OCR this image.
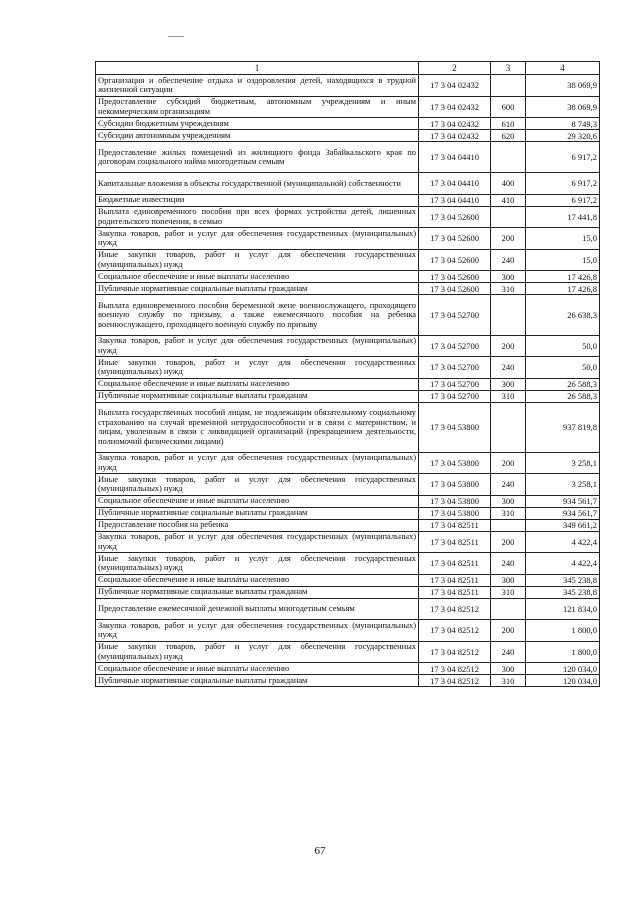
1	2	3	4
Организация и обеспечение отдыха и оздоровления детей, находящихся в трудной жизненной ситуации	17 3 04 02432		38 069,9
Предоставление субсидий бюджетным, автономным учреждениям и иным некоммерческим организациям	17 3 04 02432	600	38 069,9
Субсидии бюджетным учреждениям	17 3 04 02432	610	8 749,3
Субсидии автономным учреждениям	17 3 04 02432	620	29 320,6
Предоставление жилых помещений из жилищного фонда Забайкальского края по договорам социального найма многодетным семьям	17 3 04 04410		6 917,2
Капитальные вложения в объекты государственной (муниципальной) собственности	17 3 04 04410	400	6 917,2
Бюджетные инвестиции	17 3 04 04410	410	6 917,2
Выплата единовременного пособия при всех формах устройства детей, лишенных родительского попечения, в семью	17 3 04 52600		17 441,8
Закупка товаров, работ и услуг для обеспечения государственных (муниципальных) нужд	17 3 04 52600	200	15,0
Иные закупки товаров, работ и услуг для обеспечения государственных (муниципальных) нужд	17 3 04 52600	240	15,0
Социальное обеспечение и иные выплаты населению	17 3 04 52600	300	17 426,8
Публичные нормативные социальные выплаты гражданам	17 3 04 52600	310	17 426,8
Выплата единовременного пособия беременной жене военнослужащего, проходящего военную службу по призыву, а также ежемесячного пособия на ребенка военнослужащего, проходящего военную службу по призыву	17 3 04 52700		26 638,3
Закупка товаров, работ и услуг для обеспечения государственных (муниципальных) нужд	17 3 04 52700	200	50,0
Иные закупки товаров, работ и услуг для обеспечения государственных (муниципальных) нужд	17 3 04 52700	240	50,0
Социальное обеспечение и иные выплаты населению	17 3 04 52700	300	26 588,3
Публичные нормативные социальные выплаты гражданам	17 3 04 52700	310	26 588,3
Выплата государственных пособий лицам, не подлежащим обязательному социальному страхованию на случай временной нетрудоспособности и в связи с материнством, и лицам, уволенным в связи с ликвидацией организаций (прекращением деятельности, полномочий физическими лицами)	17 3 04 53800		937 819,8
Закупка товаров, работ и услуг для обеспечения государственных (муниципальных) нужд	17 3 04 53800	200	3 258,1
Иные закупки товаров, работ и услуг для обеспечения государственных (муниципальных) нужд	17 3 04 53800	240	3 258,1
Социальное обеспечение и иные выплаты населению	17 3 04 53800	300	934 561,7
Публичные нормативные социальные выплаты гражданам	17 3 04 53800	310	934 561,7
Предоставление пособия на ребенка	17 3 04 82511		349 661,2
Закупка товаров, работ и услуг для обеспечения государственных (муниципальных) нужд	17 3 04 82511	200	4 422,4
Иные закупки товаров, работ и услуг для обеспечения государственных (муниципальных) нужд	17 3 04 82511	240	4 422,4
Социальное обеспечение и иные выплаты населению	17 3 04 82511	300	345 238,8
Публичные нормативные социальные выплаты гражданам	17 3 04 82511	310	345 238,8
Предоставление ежемесячной денежной выплаты многодетным семьям	17 3 04 82512		121 834,0
Закупка товаров, работ и услуг для обеспечения государственных (муниципальных) нужд	17 3 04 82512	200	1 800,0
Иные закупки товаров, работ и услуг для обеспечения государственных (муниципальных) нужд	17 3 04 82512	240	1 800,0
Социальное обеспечение и иные выплаты населению	17 3 04 82512	300	120 034,0
Публичные нормативные социальные выплаты гражданам	17 3 04 82512	310	120 034,0
67
